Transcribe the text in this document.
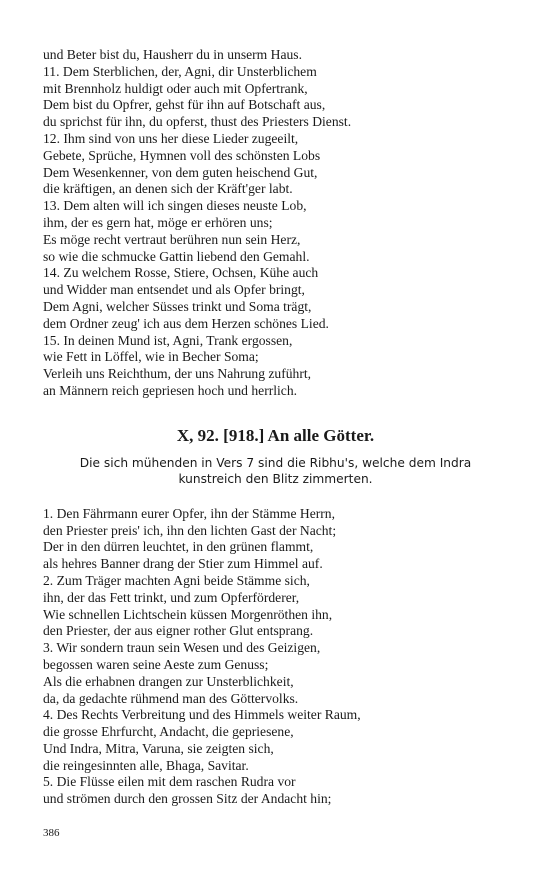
und Beter bist du, Hausherr du in unserm Haus.
11. Dem Sterblichen, der, Agni, dir Unsterblichem
mit Brennholz huldigt oder auch mit Opfertrank,
Dem bist du Opfrer, gehst für ihn auf Botschaft aus,
du sprichst für ihn, du opferst, thust des Priesters Dienst.
12. Ihm sind von uns her diese Lieder zugeeilt,
Gebete, Sprüche, Hymnen voll des schönsten Lobs
Dem Wesenkenner, von dem guten heischend Gut,
die kräftigen, an denen sich der Kräft'ger labt.
13. Dem alten will ich singen dieses neuste Lob,
ihm, der es gern hat, möge er erhören uns;
Es möge recht vertraut berühren nun sein Herz,
so wie die schmucke Gattin liebend den Gemahl.
14. Zu welchem Rosse, Stiere, Ochsen, Kühe auch
und Widder man entsendet und als Opfer bringt,
Dem Agni, welcher Süsses trinkt und Soma trägt,
dem Ordner zeug' ich aus dem Herzen schönes Lied.
15. In deinen Mund ist, Agni, Trank ergossen,
wie Fett in Löffel, wie in Becher Soma;
Verleih uns Reichthum, der uns Nahrung zuführt,
an Männern reich gepriesen hoch und herrlich.
X, 92. [918.] An alle Götter.
Die sich mühenden in Vers 7 sind die Ribhu's, welche dem Indra
kunstreich den Blitz zimmerten.
1. Den Fährmann eurer Opfer, ihn der Stämme Herrn,
den Priester preis' ich, ihn den lichten Gast der Nacht;
Der in den dürren leuchtet, in den grünen flammt,
als hehres Banner drang der Stier zum Himmel auf.
2. Zum Träger machten Agni beide Stämme sich,
ihn, der das Fett trinkt, und zum Opferförderer,
Wie schnellen Lichtschein küssen Morgenröthen ihn,
den Priester, der aus eigner rother Glut entsprang.
3. Wir sondern traun sein Wesen und des Geizigen,
begossen waren seine Aeste zum Genuss;
Als die erhabnen drangen zur Unsterblichkeit,
da, da gedachte rühmend man des Göttervolks.
4. Des Rechts Verbreitung und des Himmels weiter Raum,
die grosse Ehrfurcht, Andacht, die gepriesene,
Und Indra, Mitra, Varuna, sie zeigten sich,
die reingesinnten alle, Bhaga, Savitar.
5. Die Flüsse eilen mit dem raschen Rudra vor
und strömen durch den grossen Sitz der Andacht hin;
386
